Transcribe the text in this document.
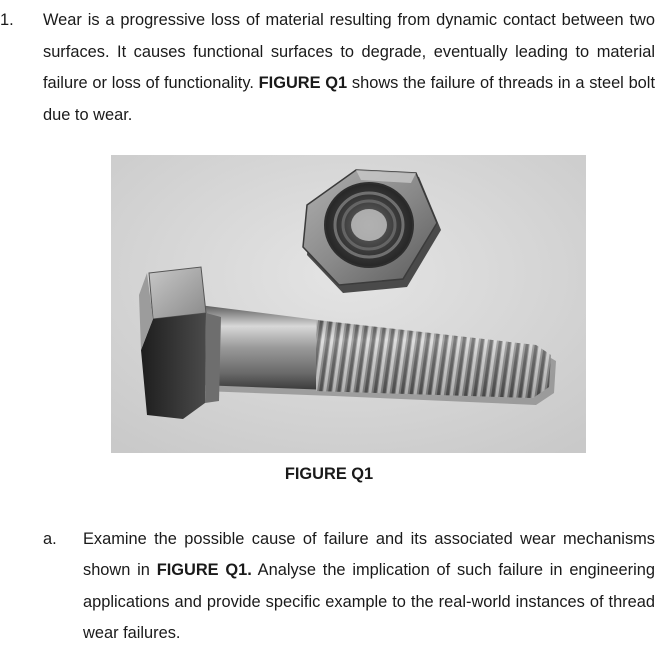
1. Wear is a progressive loss of material resulting from dynamic contact between two surfaces. It causes functional surfaces to degrade, eventually leading to material failure or loss of functionality. FIGURE Q1 shows the failure of threads in a steel bolt due to wear.
FIGURE Q1
a. Examine the possible cause of failure and its associated wear mechanisms shown in FIGURE Q1. Analyse the implication of such failure in engineering applications and provide specific example to the real-world instances of thread wear failures.
